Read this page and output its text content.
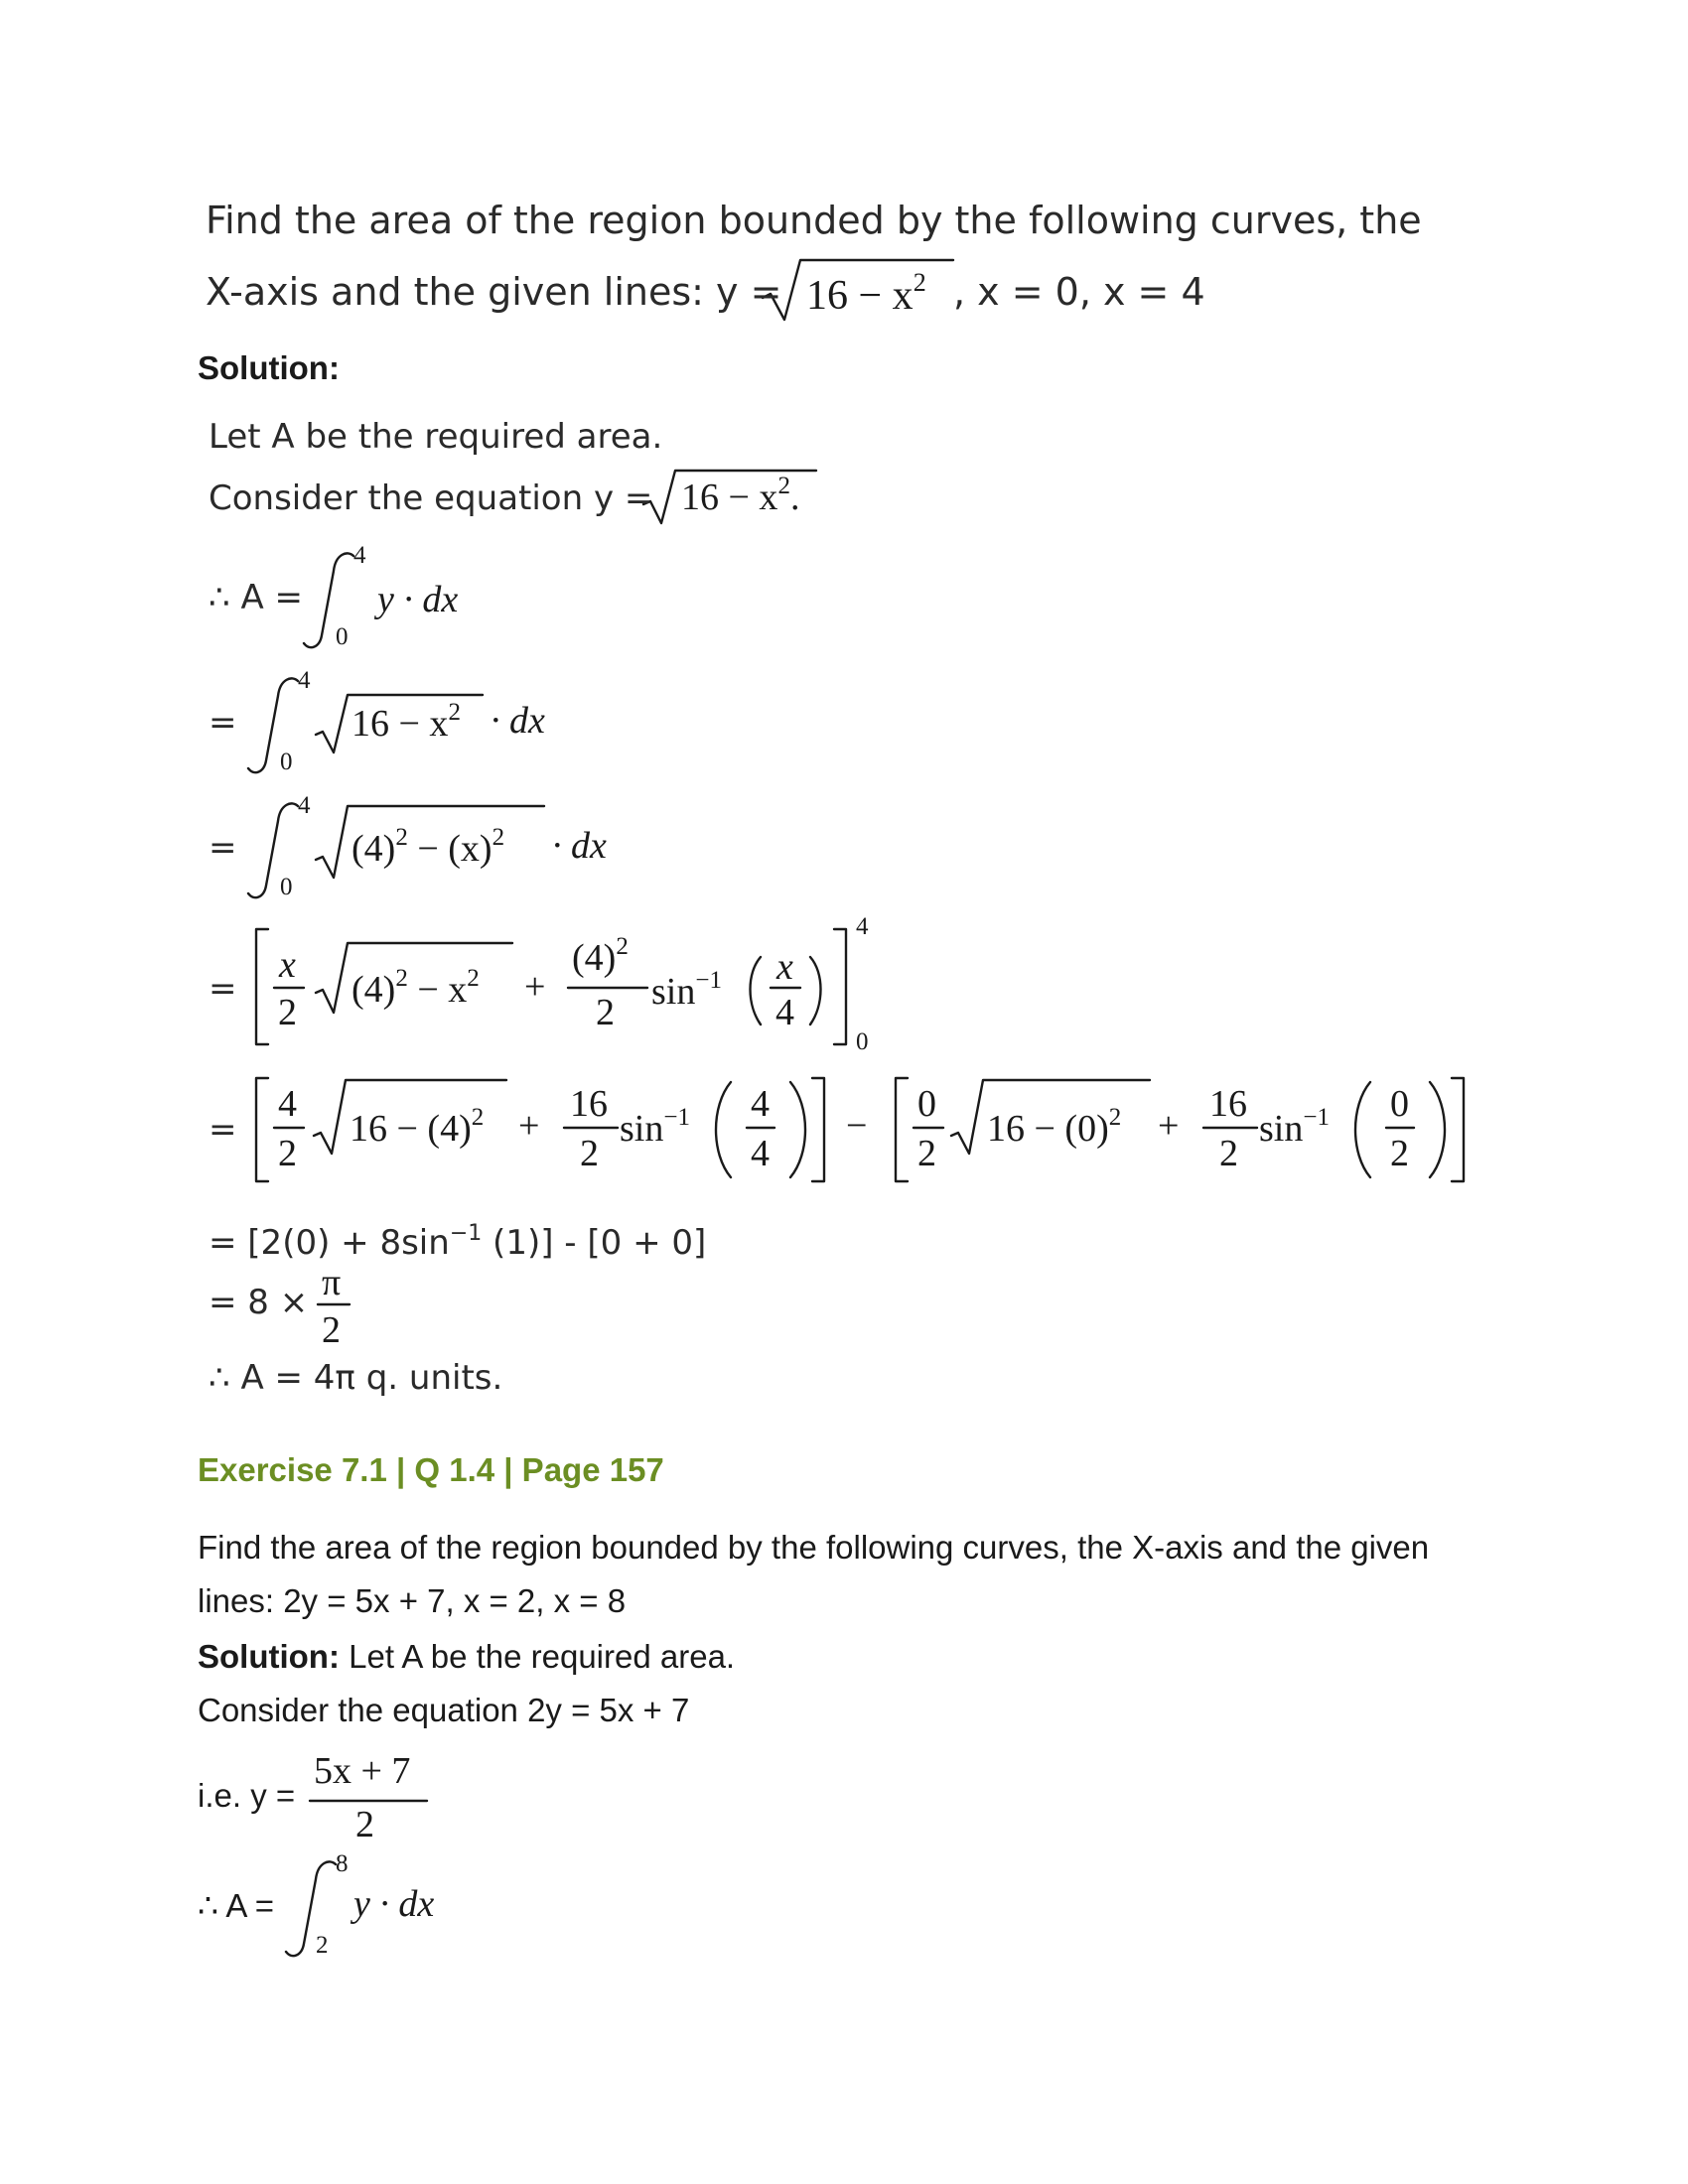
Find the area of the region bounded by the following curves, the
X-axis and the given lines: $y = 16 - x^2$ , x = 0, x = 4
Solution:
Let A be the required area.
Consider the equation $y = 16 - x^2$.
∴ A =
4
0
y · dx
=
4
0
$16 - x^2$ · dx
=
4
0
$(4)^2 - (x)^2$ · dx
=
x
2
$(4)^2 - x^2$ +
$(4)^2$
2 $\sin^{-1} x$
4
4
0
=
4
2
$16 - (4)^2$ +
16
2
$\sin^{-1} 4$
4
−
0
2
$16 - (0)^2$ +
16
2
$\sin^{-1} 0$
2
= [$2(0) + 8\sin^{-1}$ (1)] - [0 + 0]
= 8 × π
2
∴ A = 4π q. units.
Exercise 7.1 | Q 1.4 | Page 157
Find the area of the region bounded by the following curves, the X-axis and the given
lines: 2y = 5x + 7, x = 2, x = 8
Solution: Let A be the required area.
Consider the equation 2y = 5x + 7
i.e. y =
5x + 7
2
∴ A =
8
2
y · dx
